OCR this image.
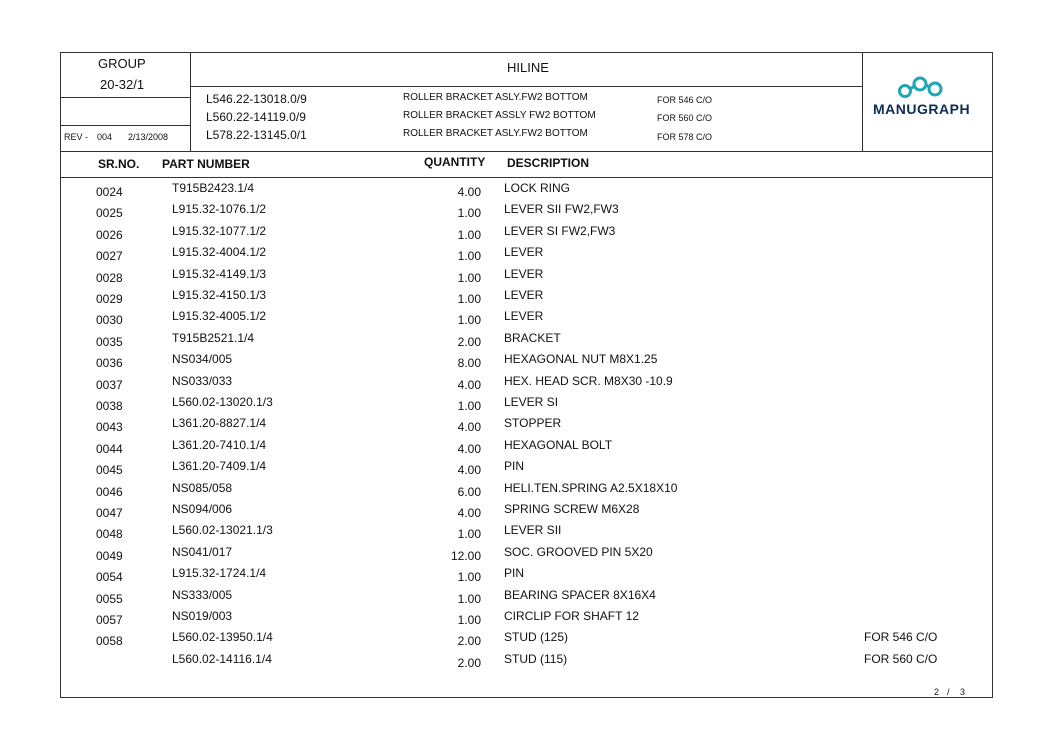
GROUP
20-32/1
REV - 004 2/13/2008
HILINE
L546.22-13018.0/9	ROLLER BRACKET ASLY.FW2 BOTTOM	FOR 546 C/O
L560.22-14119.0/9	ROLLER BRACKET ASSLY FW2 BOTTOM	FOR 560 C/O
L578.22-13145.0/1	ROLLER BRACKET ASLY.FW2 BOTTOM	FOR 578 C/O
MANUGRAPH
SR.NO. PART NUMBER	QUANTITY DESCRIPTION
0024	T915B2423.1/4	4.00 LOCK RING
0025	L915.32-1076.1/2	1.00 LEVER SII FW2,FW3
0026	L915.32-1077.1/2	1.00 LEVER SI FW2,FW3
0027	L915.32-4004.1/2	1.00 LEVER
0028	L915.32-4149.1/3	1.00 LEVER
0029	L915.32-4150.1/3	1.00 LEVER
0030	L915.32-4005.1/2	1.00 LEVER
0035	T915B2521.1/4	2.00 BRACKET
0036	NS034/005	8.00 HEXAGONAL NUT M8X1.25
0037	NS033/033	4.00 HEX. HEAD SCR. M8X30 -10.9
0038	L560.02-13020.1/3	1.00 LEVER SI
0043	L361.20-8827.1/4	4.00 STOPPER
0044	L361.20-7410.1/4	4.00 HEXAGONAL BOLT
0045	L361.20-7409.1/4	4.00 PIN
0046	NS085/058	6.00 HELI.TEN.SPRING A2.5X18X10
0047	NS094/006	4.00 SPRING SCREW M6X28
0048	L560.02-13021.1/3	1.00 LEVER SII
0049	NS041/017	12.00 SOC. GROOVED PIN 5X20
0054	L915.32-1724.1/4	1.00 PIN
0055	NS333/005	1.00 BEARING SPACER 8X16X4
0057	NS019/003	1.00 CIRCLIP FOR SHAFT 12
0058	L560.02-13950.1/4	2.00 STUD (125)	FOR 546 C/O
L560.02-14116.1/4	2.00 STUD (115)	FOR 560 C/O
2 / 3
